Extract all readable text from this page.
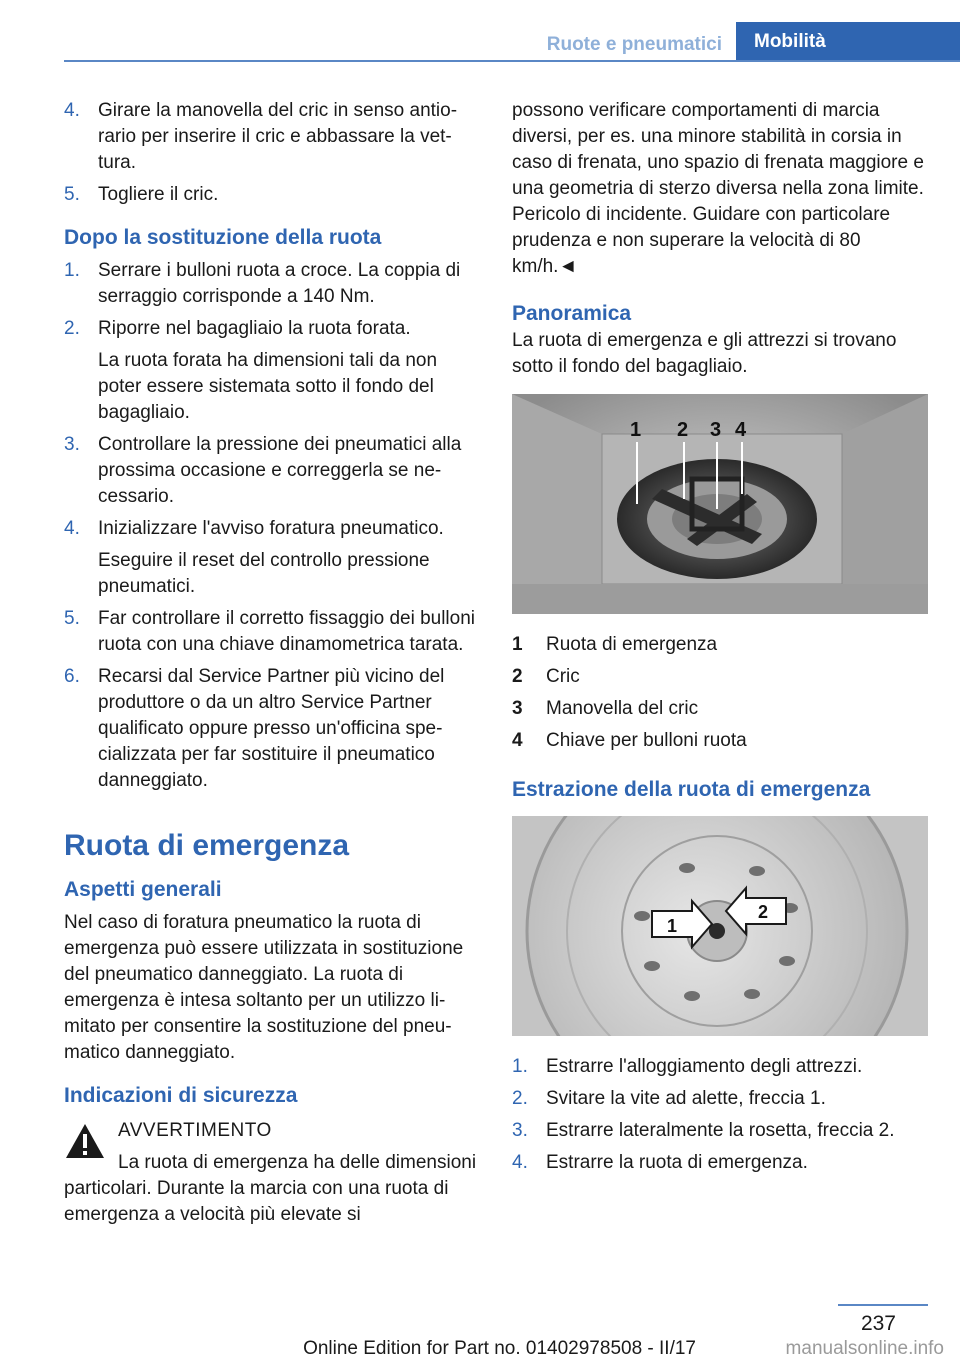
Ruote e pneumatici	Mobilità
4. Girare la manovella del cric in senso antiorario per inserire il cric e abbassare la vettura.
5. Togliere il cric.
Dopo la sostituzione della ruota
1. Serrare i bulloni ruota a croce. La coppia di serraggio corrisponde a 140 Nm.
2. Riporre nel bagagliaio la ruota forata.
La ruota forata ha dimensioni tali da non poter essere sistemata sotto il fondo del bagagliaio.
3. Controllare la pressione dei pneumatici alla prossima occasione e correggerla se necessario.
4. Inizializzare l'avviso foratura pneumatico.
Eseguire il reset del controllo pressione pneumatici.
5. Far controllare il corretto fissaggio dei bulloni ruota con una chiave dinamometrica tarata.
6. Recarsi dal Service Partner più vicino del produttore o da un altro Service Partner qualificato oppure presso un'officina specializzata per far sostituire il pneumatico danneggiato.
Ruota di emergenza
Aspetti generali

Nel caso di foratura pneumatico la ruota di emergenza può essere utilizzata in sostituzione del pneumatico danneggiato. La ruota di emergenza è intesa soltanto per un utilizzo limitato per consentire la sostituzione del pneumatico danneggiato.

Indicazioni di sicurezza
AVVERTIMENTO
La ruota di emergenza ha delle dimensioni particolari. Durante la marcia con una ruota di emergenza a velocità più elevate si

possono verificare comportamenti di marcia diversi, per es. una minore stabilità in corsia in caso di frenata, uno spazio di frenata maggiore e una geometria di sterzo diversa nella zona limite. Pericolo di incidente. Guidare con particolare prudenza e non superare la velocità di 80 km/h.◄

Panoramica

La ruota di emergenza e gli attrezzi si trovano sotto il fondo del bagagliaio.

1 2 3 4
1	Ruota di emergenza
2	Cric
3	Manovella del cric
4	Chiave per bulloni ruota
Estrazione della ruota di emergenza
1
2
1. Estrarre l'alloggiamento degli attrezzi.
2. Svitare la vite ad alette, freccia 1.
3. Estrarre lateralmente la rosetta, freccia 2.
4. Estrarre la ruota di emergenza.
237
Online Edition for Part no. 01402978508 - II/17	manualsonline.info
